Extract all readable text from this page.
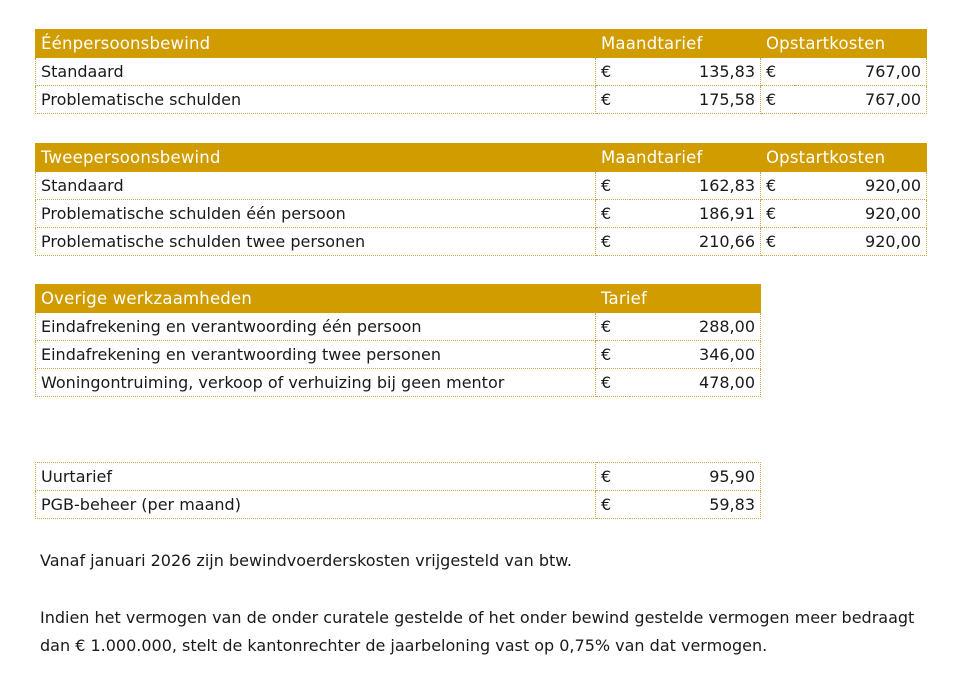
Éénpersoonsbewind	Maandtarief		Opstartkosten	
Standaard	€	135,83	€	767,00
Problematische schulden	€	175,58	€	767,00
Tweepersoonsbewind	Maandtarief		Opstartkosten	
Standaard	€	162,83	€	920,00
Problematische schulden één persoon	€	186,91	€	920,00
Problematische schulden twee personen	€	210,66	€	920,00
Overige werkzaamheden	Tarief	
Eindafrekening en verantwoording één persoon	€	288,00
Eindafrekening en verantwoording twee personen	€	346,00
Woningontruiming, verkoop of verhuizing bij geen mentor	€	478,00
Uurtarief	€	95,90
PGB-beheer (per maand)	€	59,83

Vanaf januari 2026 zijn bewindvoerderskosten vrijgesteld van btw.

Indien het vermogen van de onder curatele gestelde of het onder bewind gestelde vermogen meer bedraagt dan € 1.000.000, stelt de kantonrechter de jaarbeloning vast op 0,75% van dat vermogen.
